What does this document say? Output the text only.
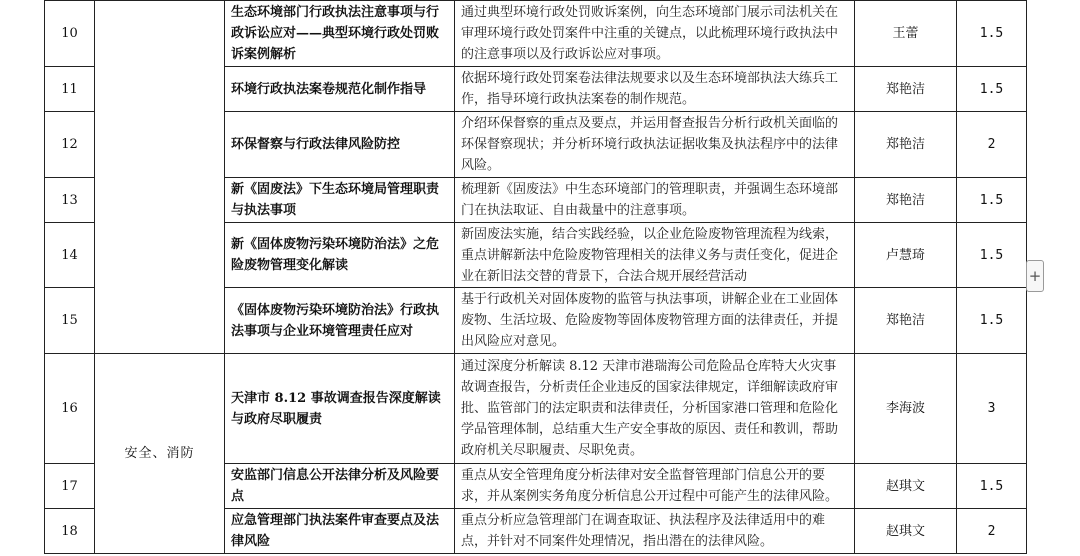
10		生态环境部门行政执法注意事项与行政诉讼应对——典型环境行政处罚败诉案例解析	通过典型环境行政处罚败诉案例，向生态环境部门展示司法机关在审理环境行政处罚案件中注重的关键点，以此梳理环境行政执法中的注意事项以及行政诉讼应对事项。	王蕾	1.5
11		环境行政执法案卷规范化制作指导	依据环境行政处罚案卷法律法规要求以及生态环境部执法大练兵工作，指导环境行政执法案卷的制作规范。	郑艳洁	1.5
12		环保督察与行政法律风险防控	介绍环保督察的重点及要点，并运用督查报告分析行政机关面临的环保督察现状；并分析环境行政执法证据收集及执法程序中的法律风险。	郑艳洁	2
13		新《固废法》下生态环境局管理职责与执法事项	梳理新《固废法》中生态环境部门的管理职责，并强调生态环境部门在执法取证、自由裁量中的注意事项。	郑艳洁	1.5
14		新《固体废物污染环境防治法》之危险废物管理变化解读	新固废法实施，结合实践经验，以企业危险废物管理流程为线索，重点讲解新法中危险废物管理相关的法律义务与责任变化，促进企业在新旧法交替的背景下，合法合规开展经营活动	卢慧琦	1.5
15		《固体废物污染环境防治法》行政执法事项与企业环境管理责任应对	基于行政机关对固体废物的监管与执法事项，讲解企业在工业固体废物、生活垃圾、危险废物等固体废物管理方面的法律责任，并提出风险应对意见。	郑艳洁	1.5
16	安全、消防	天津市 8.12 事故调查报告深度解读与政府尽职履责	通过深度分析解读 8.12 天津市港瑞海公司危险品仓库特大火灾事故调查报告，分析责任企业违反的国家法律规定，详细解读政府审批、监管部门的法定职责和法律责任，分析国家港口管理和危险化学品管理体制，总结重大生产安全事故的原因、责任和教训，帮助政府机关尽职履责、尽职免责。	李海波	3
17		安监部门信息公开法律分析及风险要点	重点从安全管理角度分析法律对安全监督管理部门信息公开的要求，并从案例实务角度分析信息公开过程中可能产生的法律风险。	赵琪文	1.5
18		应急管理部门执法案件审查要点及法律风险	重点分析应急管理部门在调查取证、执法程序及法律适用中的难点，并针对不同案件处理情况，指出潜在的法律风险。	赵琪文	2
+
